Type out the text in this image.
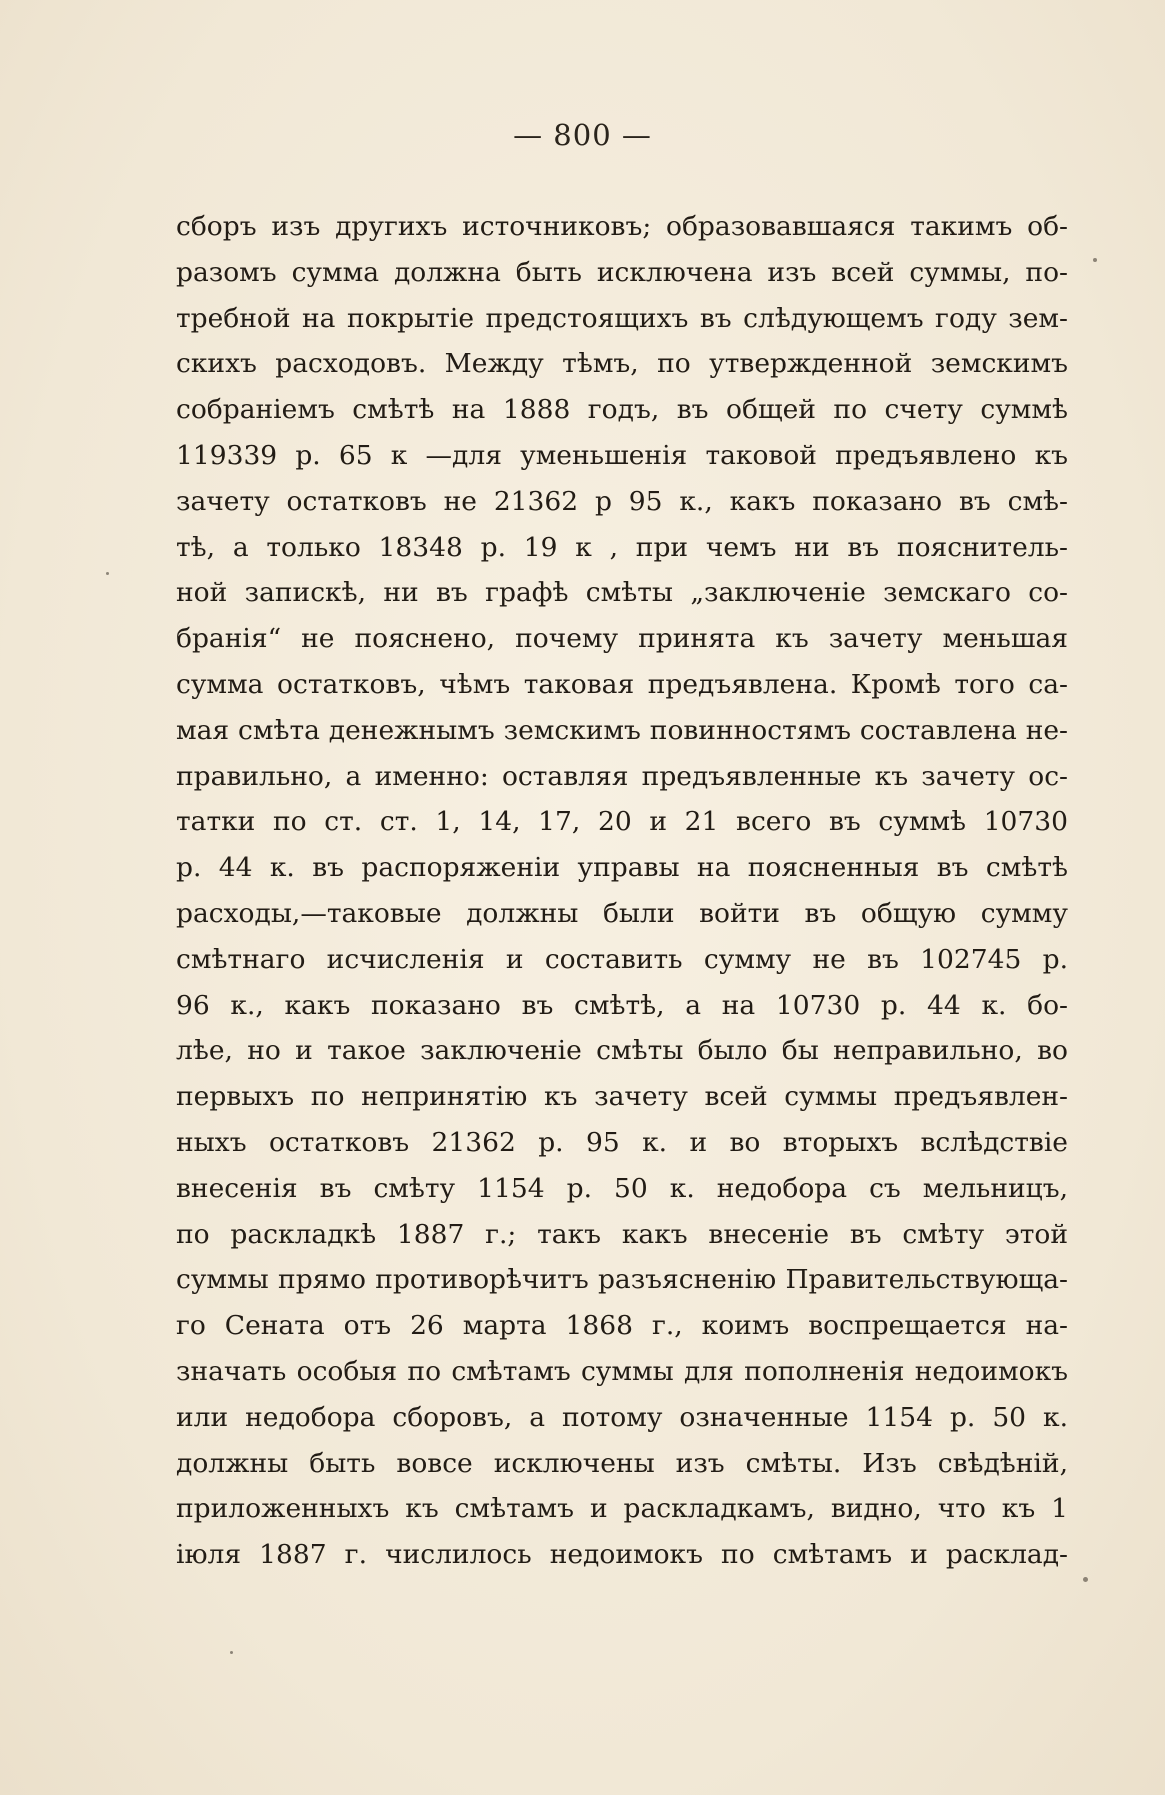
— 800 —
сборъ изъ другихъ источниковъ; образовавшаяся такимъ об-
разомъ сумма должна быть исключена изъ всей суммы, по-
требной на покрытіе предстоящихъ въ слѣдующемъ году зем-
скихъ расходовъ. Между тѣмъ, по утвержденной земскимъ
собраніемъ смѣтѣ на 1888 годъ, въ общей по счету суммѣ
119339 р. 65 к —для уменьшенія таковой предъявлено къ
зачету остатковъ не 21362 р 95 к., какъ показано въ смѣ-
тѣ, а только 18348 р. 19 к , при чемъ ни въ пояснитель-
ной запискѣ, ни въ графѣ смѣты „заключеніе земскаго со-
бранія“ не пояснено, почему принята къ зачету меньшая
сумма остатковъ, чѣмъ таковая предъявлена. Кромѣ того са-
мая смѣта денежнымъ земскимъ повинностямъ составлена не-
правильно, а именно: оставляя предъявленные къ зачету ос-
татки по ст. ст. 1, 14, 17, 20 и 21 всего въ суммѣ 10730
р. 44 к. въ распоряженіи управы на поясненныя въ смѣтѣ
расходы,—таковые должны были войти въ общую сумму
смѣтнаго исчисленія и составить сумму не въ 102745 р.
96 к., какъ показано въ смѣтѣ, а на 10730 р. 44 к. бо-
лѣе, но и такое заключеніе смѣты было бы неправильно, во
первыхъ по непринятію къ зачету всей суммы предъявлен-
ныхъ остатковъ 21362 р. 95 к. и во вторыхъ вслѣдствіе
внесенія въ смѣту 1154 р. 50 к. недобора съ мельницъ,
по раскладкѣ 1887 г.; такъ какъ внесеніе въ смѣту этой
суммы прямо противорѣчитъ разъясненію Правительствующа-
го Сената отъ 26 марта 1868 г., коимъ воспрещается на-
значать особыя по смѣтамъ суммы для пополненія недоимокъ
или недобора сборовъ, а потому означенные 1154 р. 50 к.
должны быть вовсе исключены изъ смѣты. Изъ свѣдѣній,
приложенныхъ къ смѣтамъ и раскладкамъ, видно, что къ 1
іюля 1887 г. числилось недоимокъ по смѣтамъ и расклад-
